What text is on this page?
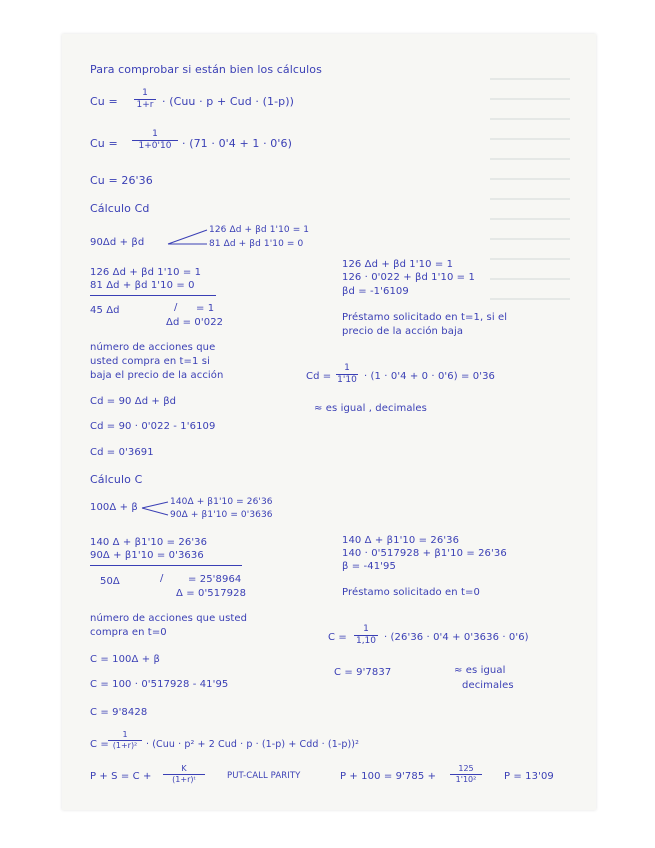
Para comprobar si están bien los cálculos
$Cu = \frac{1}{1+r} \cdot (Cuu \cdot p$ + Cud · (1-p))
$Cu = \frac{1}{1+0'10} \cdot (71 \cdot 0'4 + 1 \cdot 0'6)$
Cu = 26'36
Cálculo Cd
90Δd + βd
126 Δd + βd 1'10 = 1
81 Δd + βd 1'10 = 0
126 Δd + βd 1'10 = 1
81 Δd + βd 1'10 = 0
45 Δd	/ = 1
Δd = 0'022
126 Δd + βd 1'10 = 1
126 · 0'022 + βd 1'10 = 1
βd = -1'6109
Préstamo solicitado en t=1, si el
precio de la acción baja
número de acciones que
usted compra en t=1 si
baja el precio de la acción	$Cd = \frac{1}{1'10} \cdot (1 \cdot 0'4 + 0 \cdot 0'6) = 0'36$
Cd = 90 Δd + βd
≈ es igual , decimales
Cd = 90 · 0'022 - 1'6109
Cd = 0'3691
Cálculo C
100Δ + β	140Δ + β1'10 = 26'36
90Δ + β1'10 = 0'3636
140 Δ + β1'10 = 26'36
90Δ + β1'10 = 0'3636
50Δ	/ = 25'8964
Δ = 0'517928
140 Δ + β1'10 = 26'36
140 · 0'517928 + β1'10 = 26'36
β = -41'95
Préstamo solicitado en t=0
número de acciones que usted
compra en t=0	$C = \frac{1}{1,10} \cdot (26'36 \cdot 0'4 + 0'3636 \cdot 0'6)$
C = 100Δ + β
C = 9'7837	≈ es igual
decimales
C = 100 · 0'517928 - 41'95
C = 9'8428
$C = \frac{1}{\text{(1+r)²}} \cdot (Cuu \cdot p^2 + 2$ Cud · p · (1-p) + Cdd · (1-p))²
$P + S = C + \frac{K}{\text{(1+r)ᵗ}}$	PUT-CALL PARITY	$P + 100 = 9'785 + \frac{125}{\text{1'10²}}$ P = 13'09
